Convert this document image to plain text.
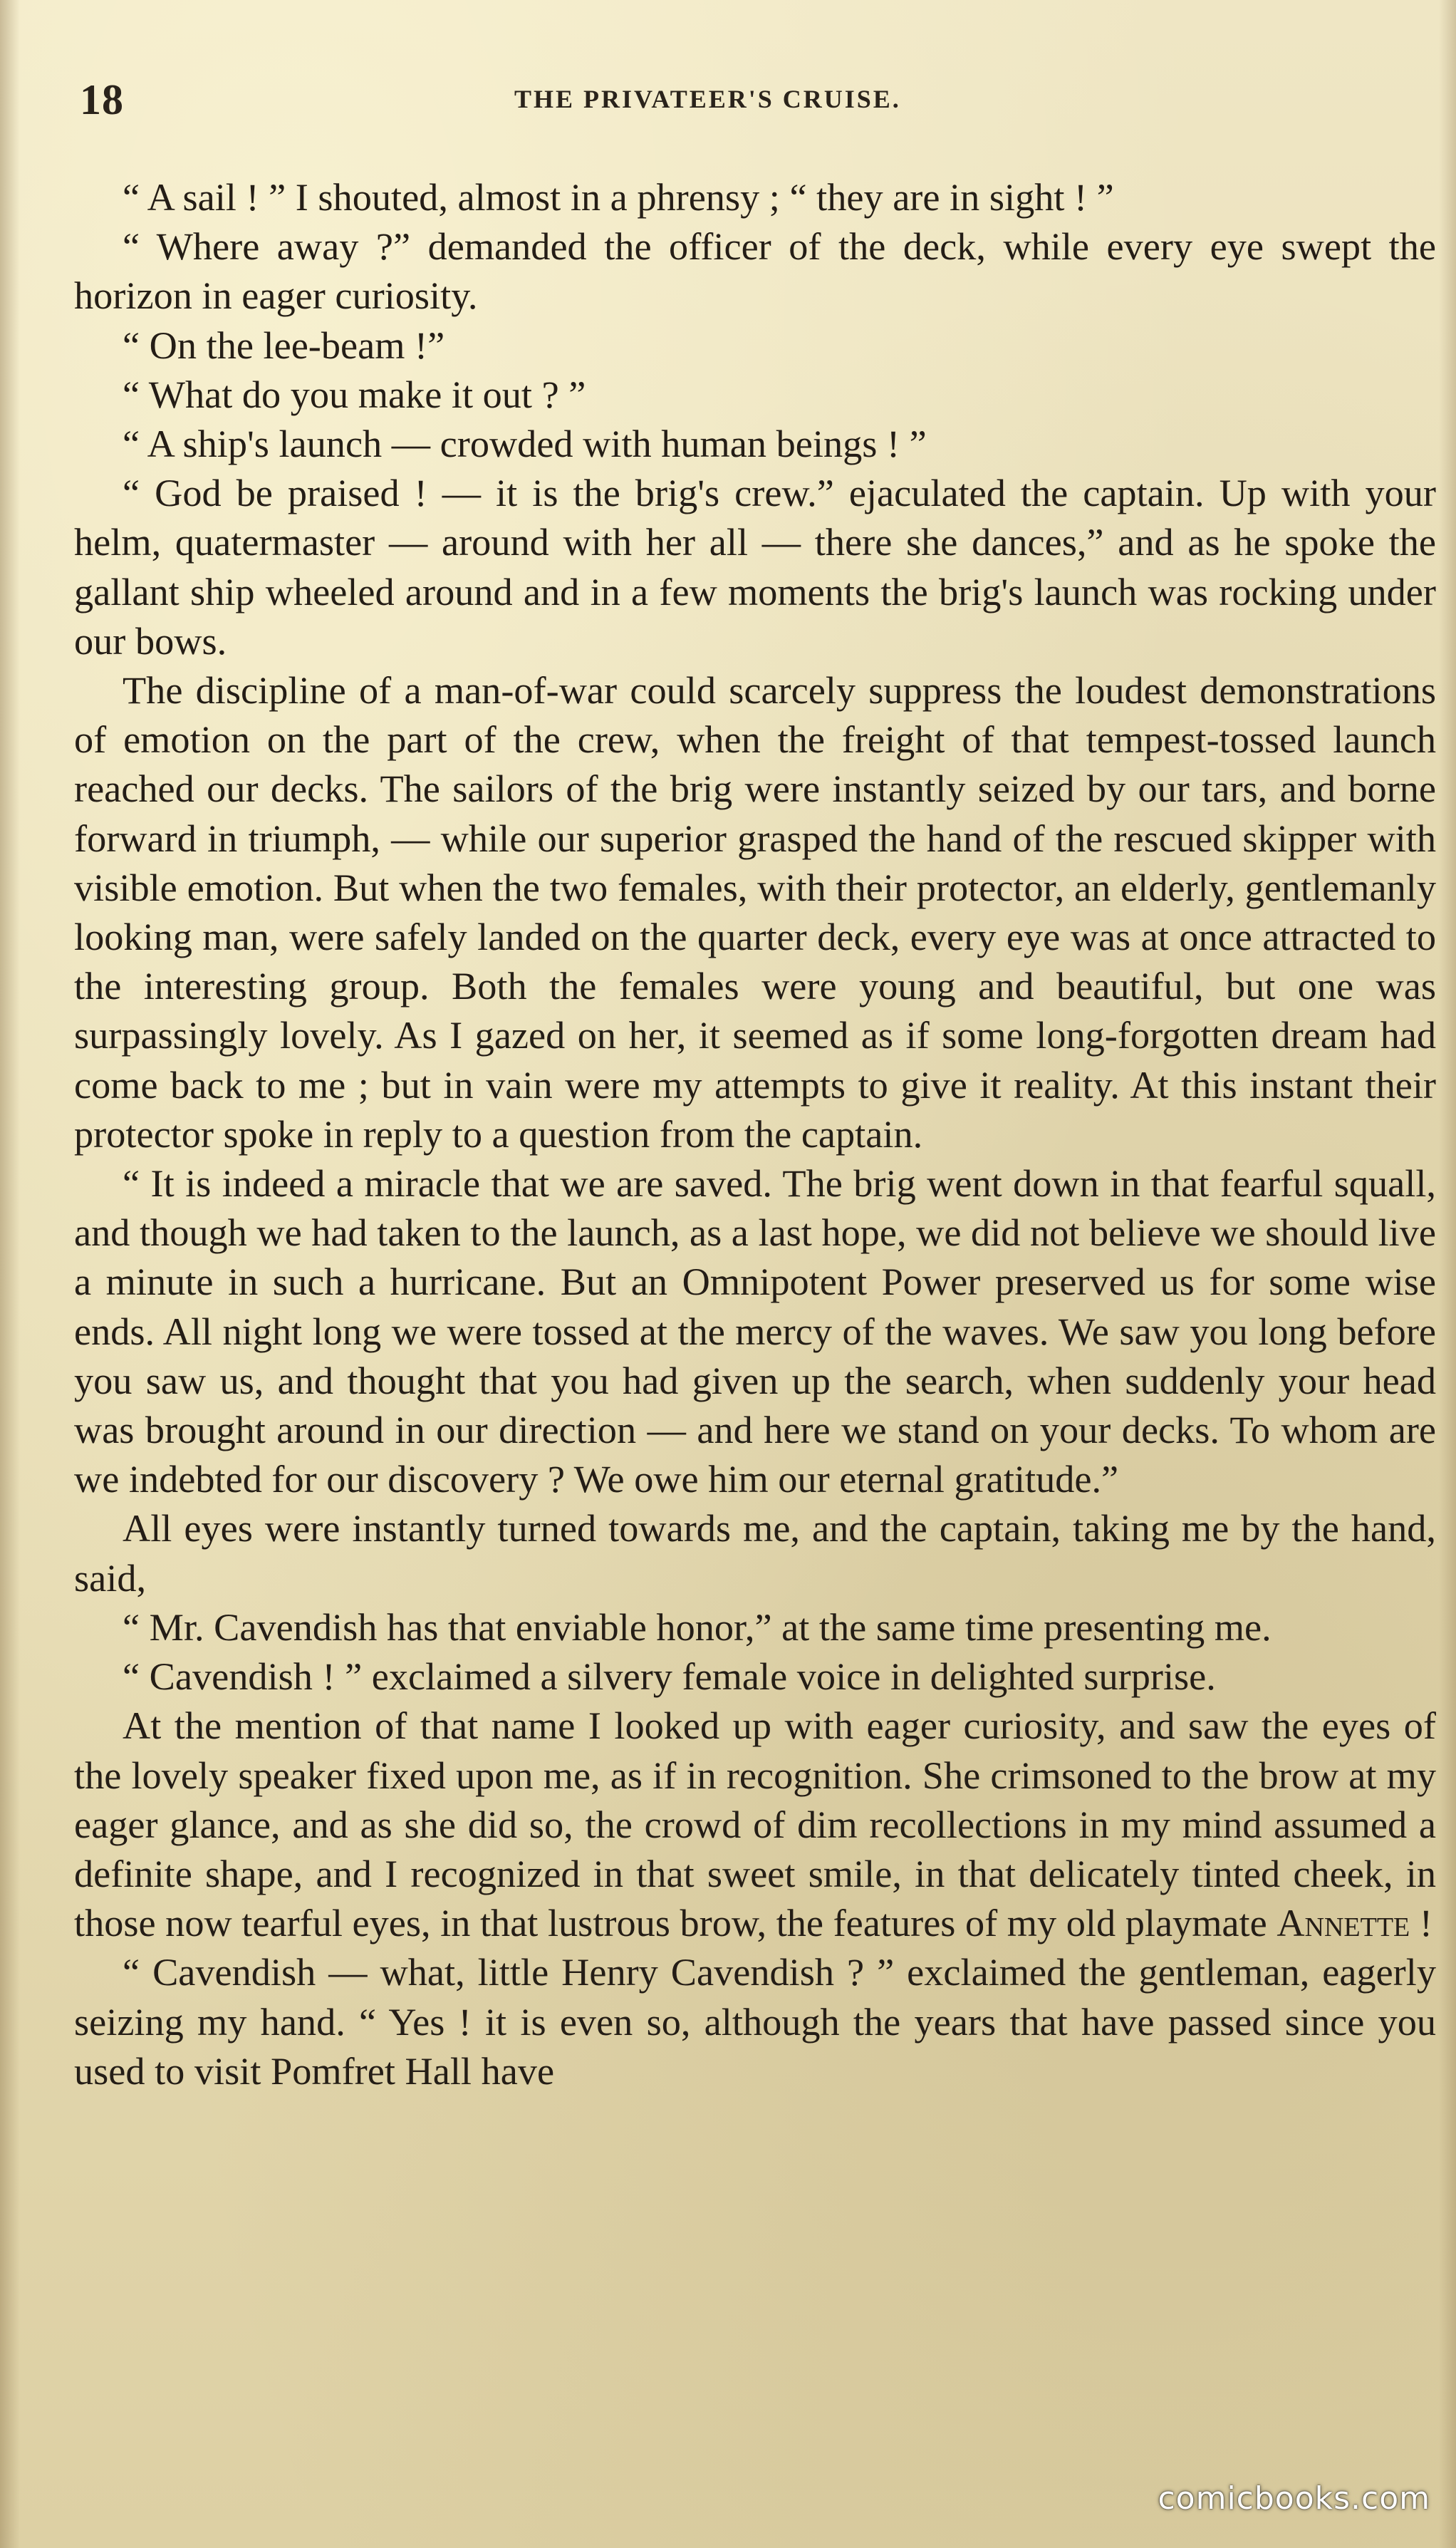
18	THE PRIVATEER'S CRUISE.

“ A sail ! ” I shouted, almost in a phrensy ; “ they are in sight ! ”

“ Where away ?” demanded the officer of the deck, while every eye swept the horizon in eager curiosity.

“ On the lee-beam !”

“ What do you make it out ? ”

“ A ship's launch — crowded with human beings ! ”

“ God be praised ! — it is the brig's crew.” ejaculated the captain. Up with your helm, quatermaster — around with her all — there she dances,” and as he spoke the gallant ship wheeled around and in a few moments the brig's launch was rocking under our bows.

The discipline of a man-of-war could scarcely suppress the loudest demonstrations of emotion on the part of the crew, when the freight of that tempest-tossed launch reached our decks. The sailors of the brig were instantly seized by our tars, and borne forward in triumph, — while our superior grasped the hand of the rescued skipper with visible emotion. But when the two females, with their protector, an elderly, gentlemanly looking man, were safely landed on the quarter deck, every eye was at once attracted to the interesting group. Both the females were young and beautiful, but one was surpassingly lovely. As I gazed on her, it seemed as if some long-forgotten dream had come back to me ; but in vain were my attempts to give it reality. At this instant their protector spoke in reply to a question from the captain.

“ It is indeed a miracle that we are saved. The brig went down in that fearful squall, and though we had taken to the launch, as a last hope, we did not believe we should live a minute in such a hurricane. But an Omnipotent Power preserved us for some wise ends. All night long we were tossed at the mercy of the waves. We saw you long before you saw us, and thought that you had given up the search, when suddenly your head was brought around in our direction — and here we stand on your decks. To whom are we indebted for our discovery ? We owe him our eternal gratitude.”

All eyes were instantly turned towards me, and the captain, taking me by the hand, said,

“ Mr. Cavendish has that enviable honor,” at the same time presenting me.

“ Cavendish ! ” exclaimed a silvery female voice in delighted surprise.

At the mention of that name I looked up with eager curiosity, and saw the eyes of the lovely speaker fixed upon me, as if in recognition. She crimsoned to the brow at my eager glance, and as she did so, the crowd of dim recollections in my mind assumed a definite shape, and I recognized in that sweet smile, in that delicately tinted cheek, in those now tearful eyes, in that lustrous brow, the features of my old playmate Annette !

“ Cavendish — what, little Henry Cavendish ? ” exclaimed the gentleman, eagerly seizing my hand. “ Yes ! it is even so, although the years that have passed since you used to visit Pomfret Hall have

comicbooks.com
